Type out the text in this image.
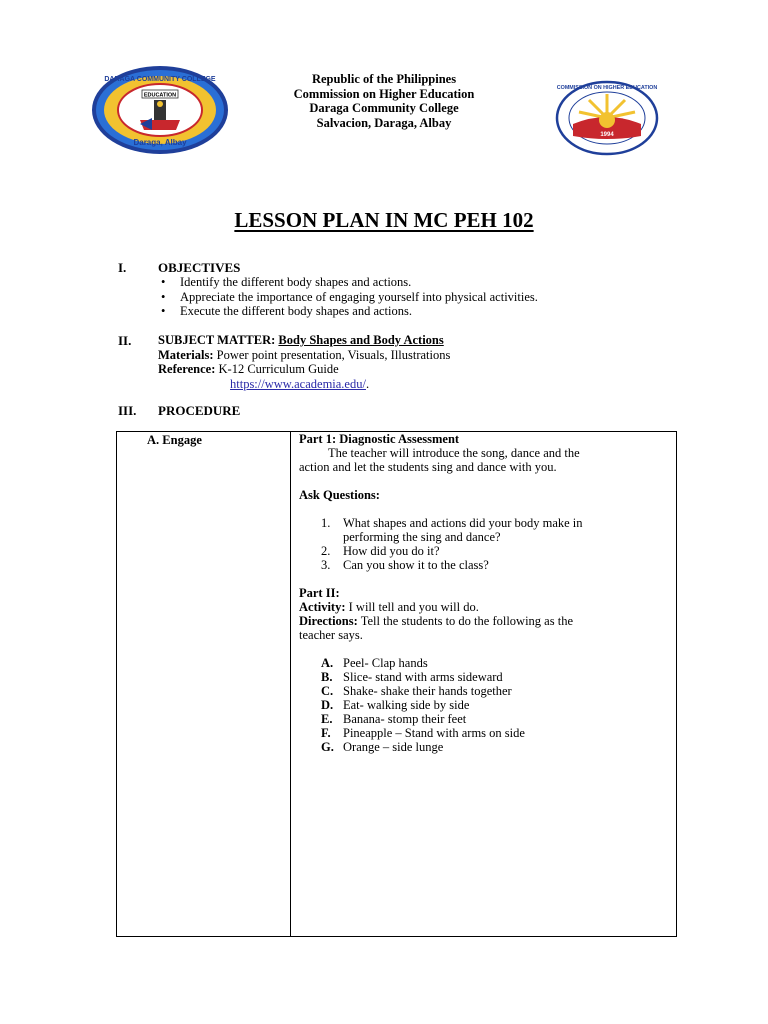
EDUCATION
DARAGA COMMUNITY COLLEGE
Daraga, Albay
Republic of the Philippines
Commission on Higher Education
Daraga Community College
Salvacion, Daraga, Albay
1994
COMMISSION ON HIGHER EDUCATION
LESSON PLAN IN MC PEH 102
I. OBJECTIVES
• Identify the different body shapes and actions.
• Appreciate the importance of engaging yourself into physical activities.
• Execute the different body shapes and actions.
II. SUBJECT MATTER: Body Shapes and Body Actions
Materials: Power point presentation, Visuals, Illustrations
Reference: K-12 Curriculum Guide
https://www.academia.edu/.
III. PROCEDURE
A. Engage	Part 1: Diagnostic Assessment

The teacher will introduce the song, dance and the

action and let the students sing and dance with you.

Ask Questions:

1. What shapes and actions did your body make in
performing the sing and dance?
2. How did you do it?
3. Can you show it to the class?

Part II:

Activity: I will tell and you will do.

Directions: Tell the students to do the following as the

teacher says.

A. Peel- Clap hands
B. Slice- stand with arms sideward
C. Shake- shake their hands together
D. Eat- walking side by side
E. Banana- stomp their feet
F. Pineapple – Stand with arms on side
G. Orange – side lunge
